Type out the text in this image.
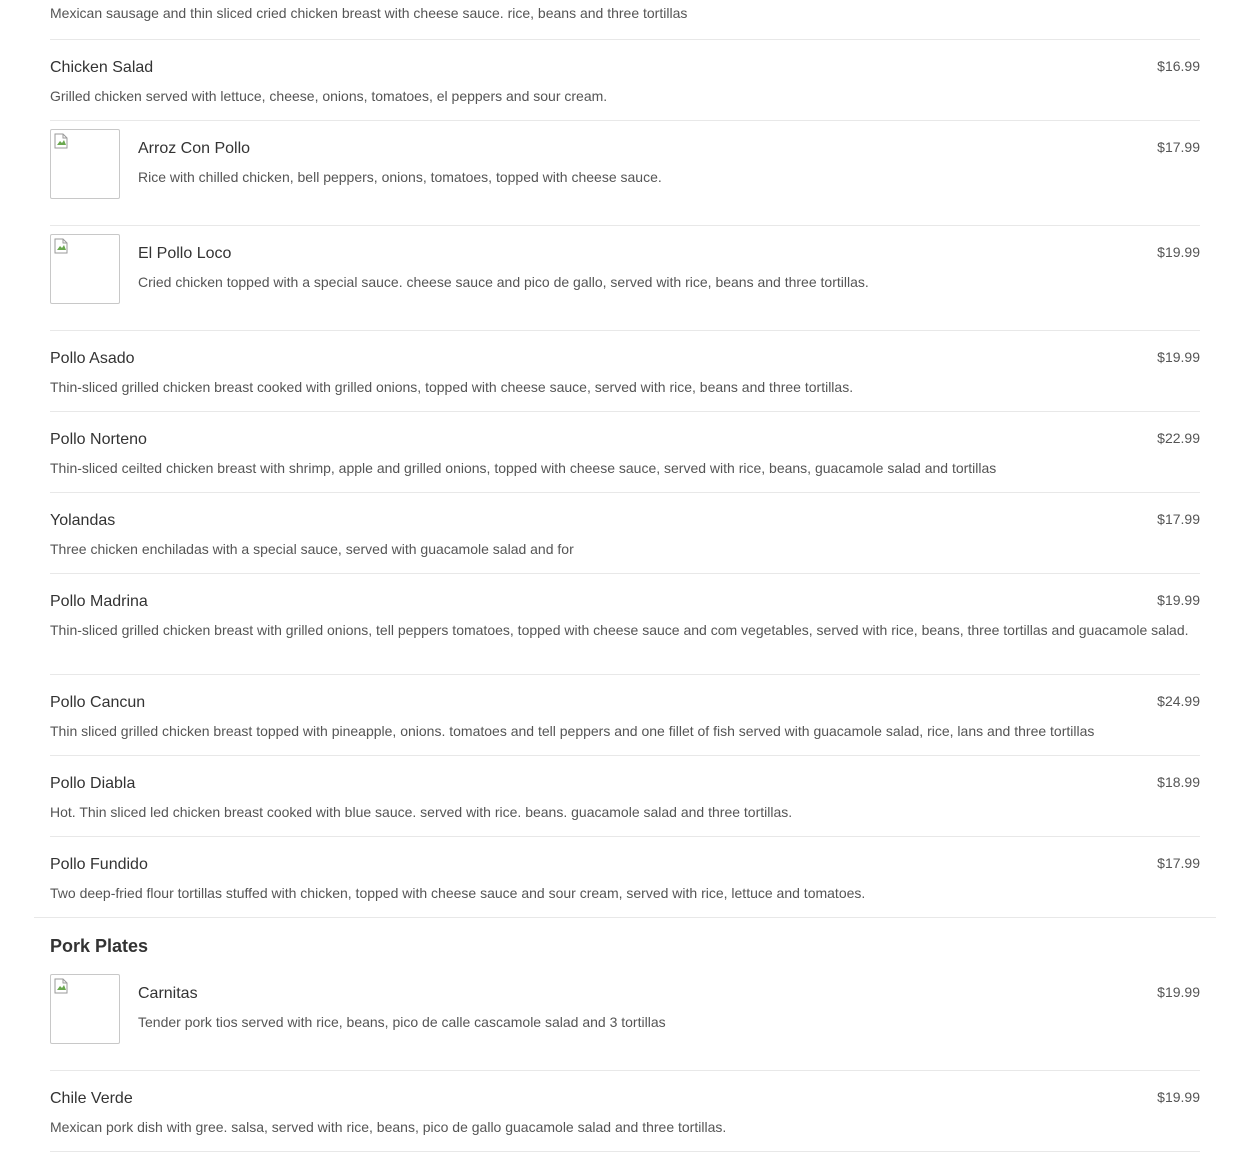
Mexican sausage and thin sliced cried chicken breast with cheese sauce. rice, beans and three tortillas

Chicken Salad	$16.99
Grilled chicken served with lettuce, cheese, onions, tomatoes, el peppers and sour cream.
Arroz Con Pollo	$17.99
Rice with chilled chicken, bell peppers, onions, tomatoes, topped with cheese sauce.
El Pollo Loco	$19.99
Cried chicken topped with a special sauce. cheese sauce and pico de gallo, served with rice, beans and three tortillas.
Pollo Asado	$19.99
Thin-sliced grilled chicken breast cooked with grilled onions, topped with cheese sauce, served with rice, beans and three tortillas.
Pollo Norteno	$22.99
Thin-sliced ceilted chicken breast with shrimp, apple and grilled onions, topped with cheese sauce, served with rice, beans, guacamole salad and tortillas
Yolandas	$17.99
Three chicken enchiladas with a special sauce, served with guacamole salad and for
Pollo Madrina	$19.99
Thin-sliced grilled chicken breast with grilled onions, tell peppers tomatoes, topped with cheese sauce and com vegetables, served with rice, beans, three tortillas and guacamole salad.
Pollo Cancun	$24.99
Thin sliced grilled chicken breast topped with pineapple, onions. tomatoes and tell peppers and one fillet of fish served with guacamole salad, rice, lans and three tortillas
Pollo Diabla	$18.99
Hot. Thin sliced led chicken breast cooked with blue sauce. served with rice. beans. guacamole salad and three tortillas.
Pollo Fundido	$17.99
Two deep-fried flour tortillas stuffed with chicken, topped with cheese sauce and sour cream, served with rice, lettuce and tomatoes.
Pork Plates
Carnitas	$19.99
Tender pork tios served with rice, beans, pico de calle cascamole salad and 3 tortillas
Chile Verde	$19.99
Mexican pork dish with gree. salsa, served with rice, beans, pico de gallo guacamole salad and three tortillas.
